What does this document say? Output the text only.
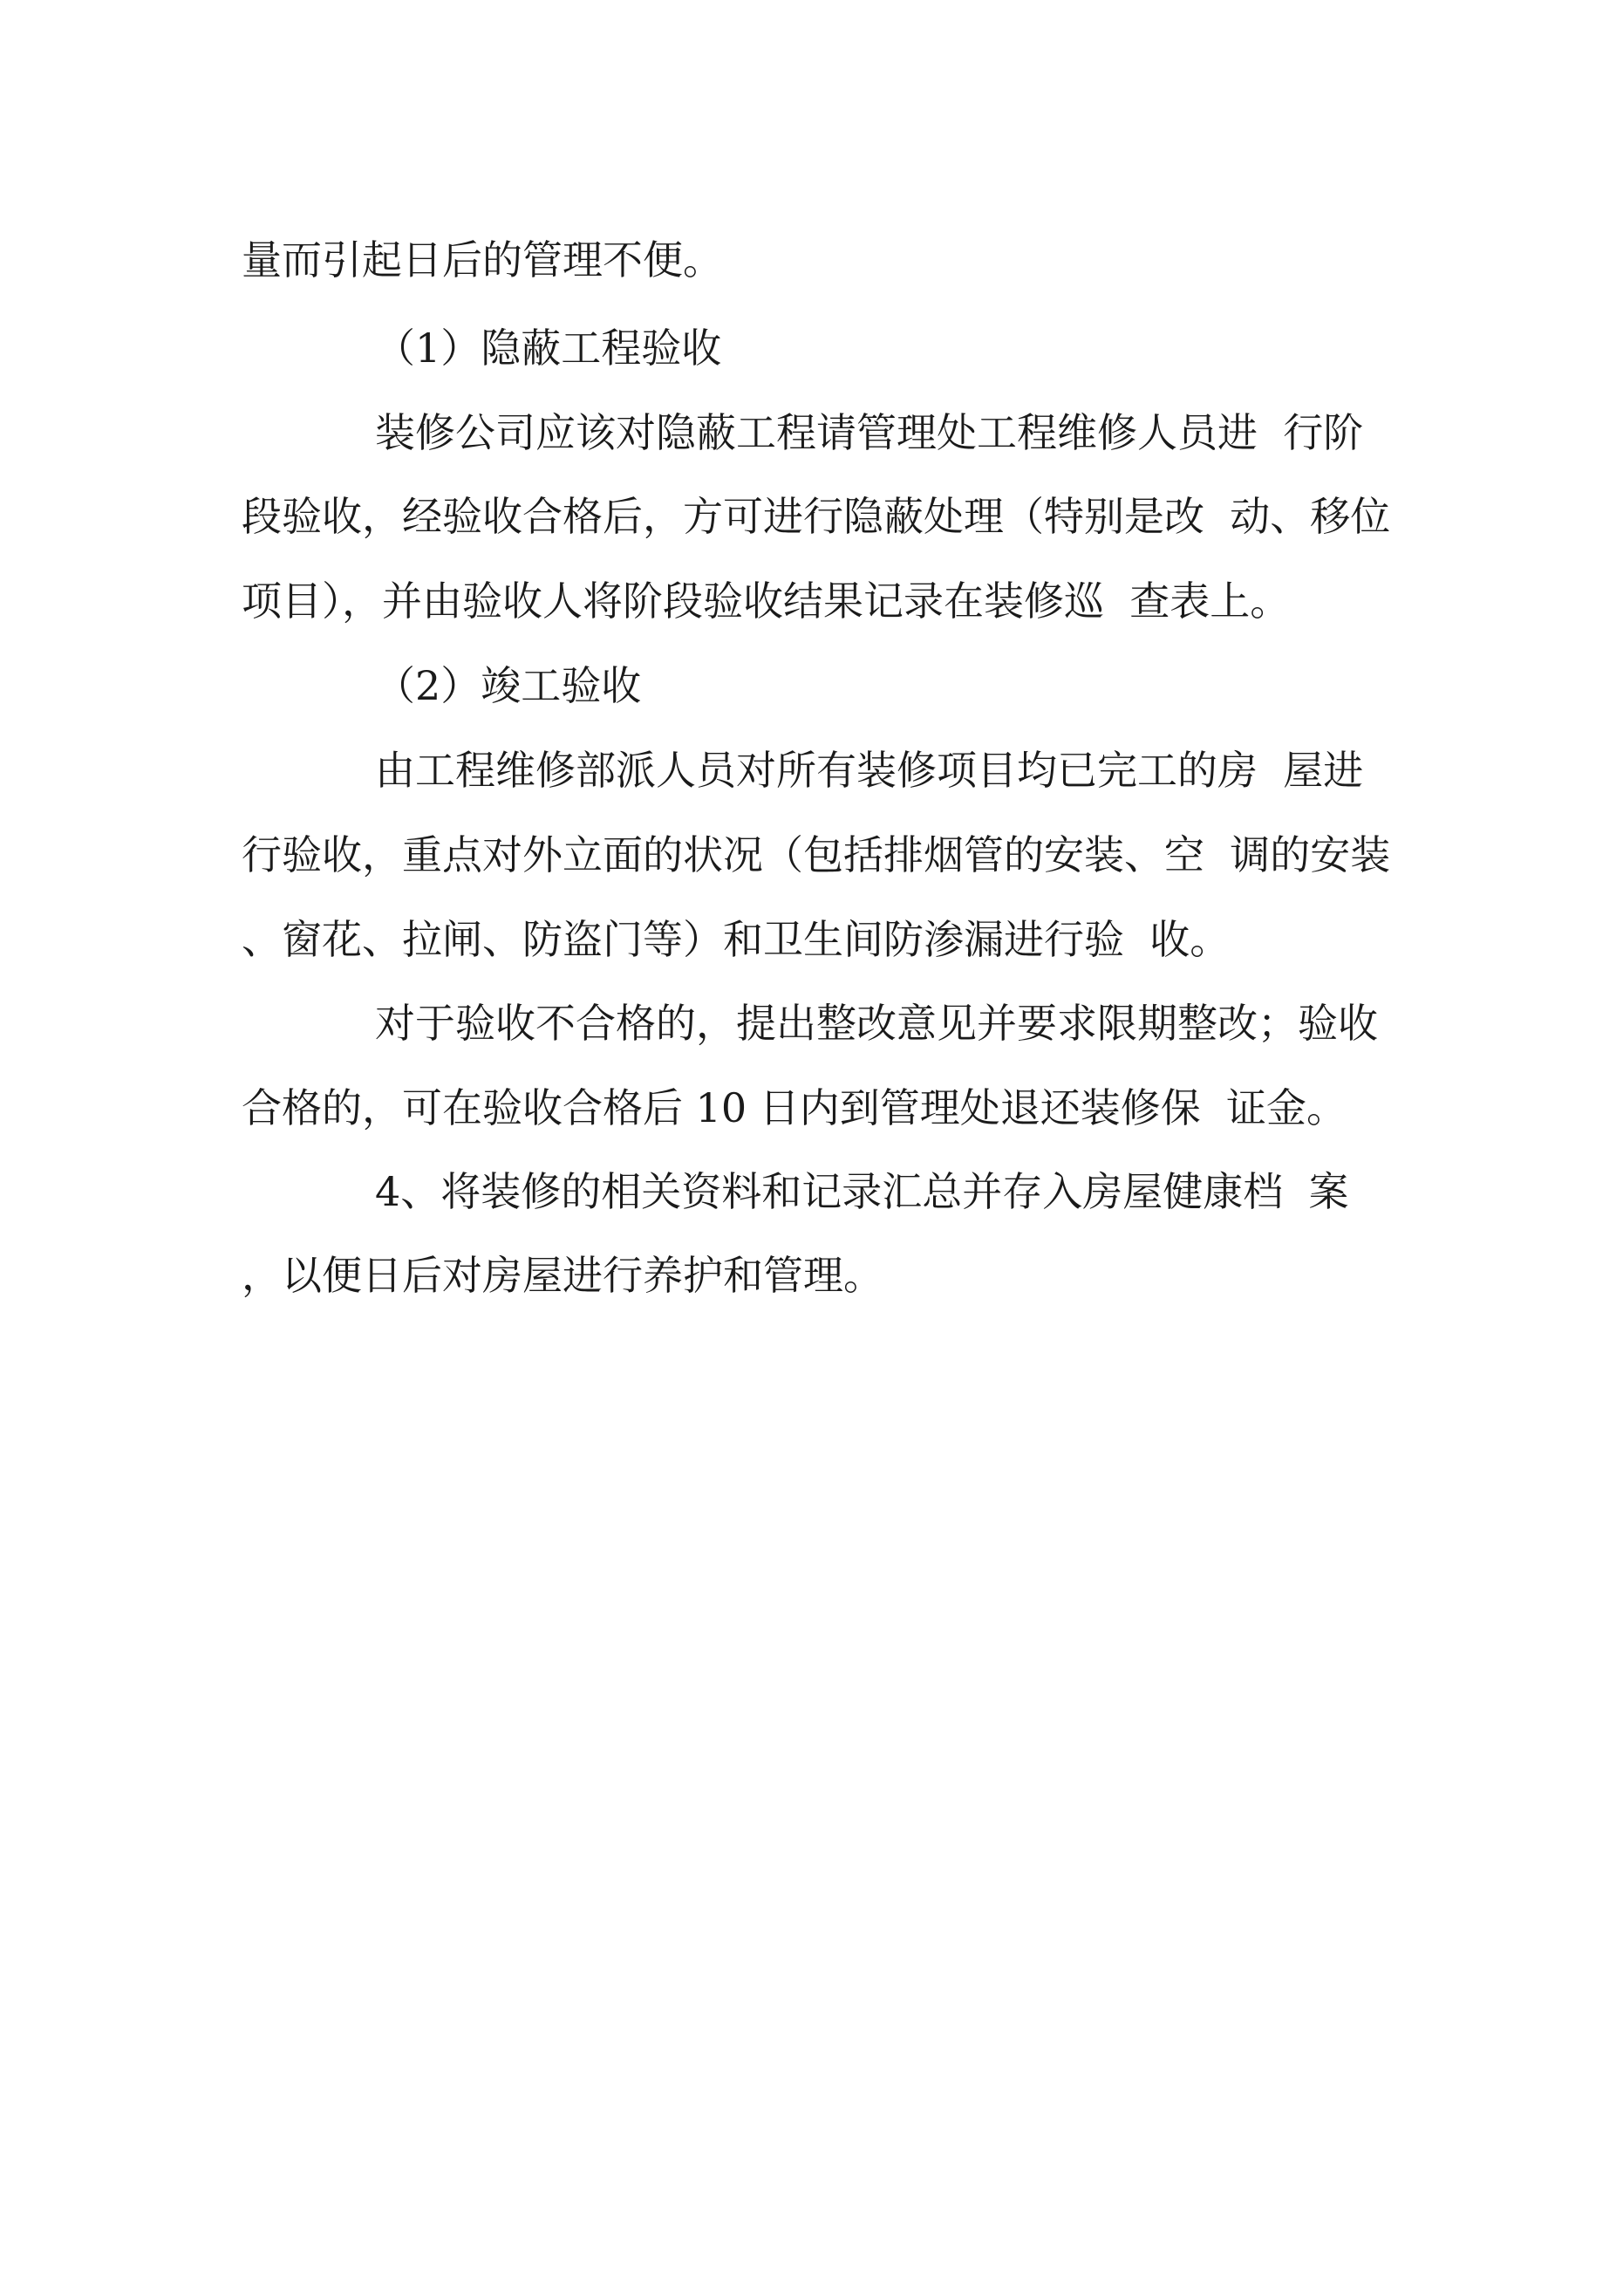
量而引起日后的管理不便。
（1）隐蔽工程验收
装修公司应该对隐蔽工程请管理处工程维修人员进  行阶
段验收，经验收合格后，方可进行隐蔽处理（特别是改  动、移位
项目），并由验收人将阶段验收结果记录在装修巡  查表上。
（2）竣工验收
由工程维修部派人员对所有装修项目均已完工的房  屋进
行验收，重点对外立面的状况（包括排烟管的安装、空  调的安装
、窗花、拉闸、防盗门等）和卫生间防渗漏进行验  收。
对于验收不合格的，提出整改意见并要求限期整改；验收
合格的，可在验收合格后 10 日内到管理处退还装修保  证金。
4、将装修的相关资料和记录汇总并存入房屋健康档  案
，以便日后对房屋进行养护和管理。
